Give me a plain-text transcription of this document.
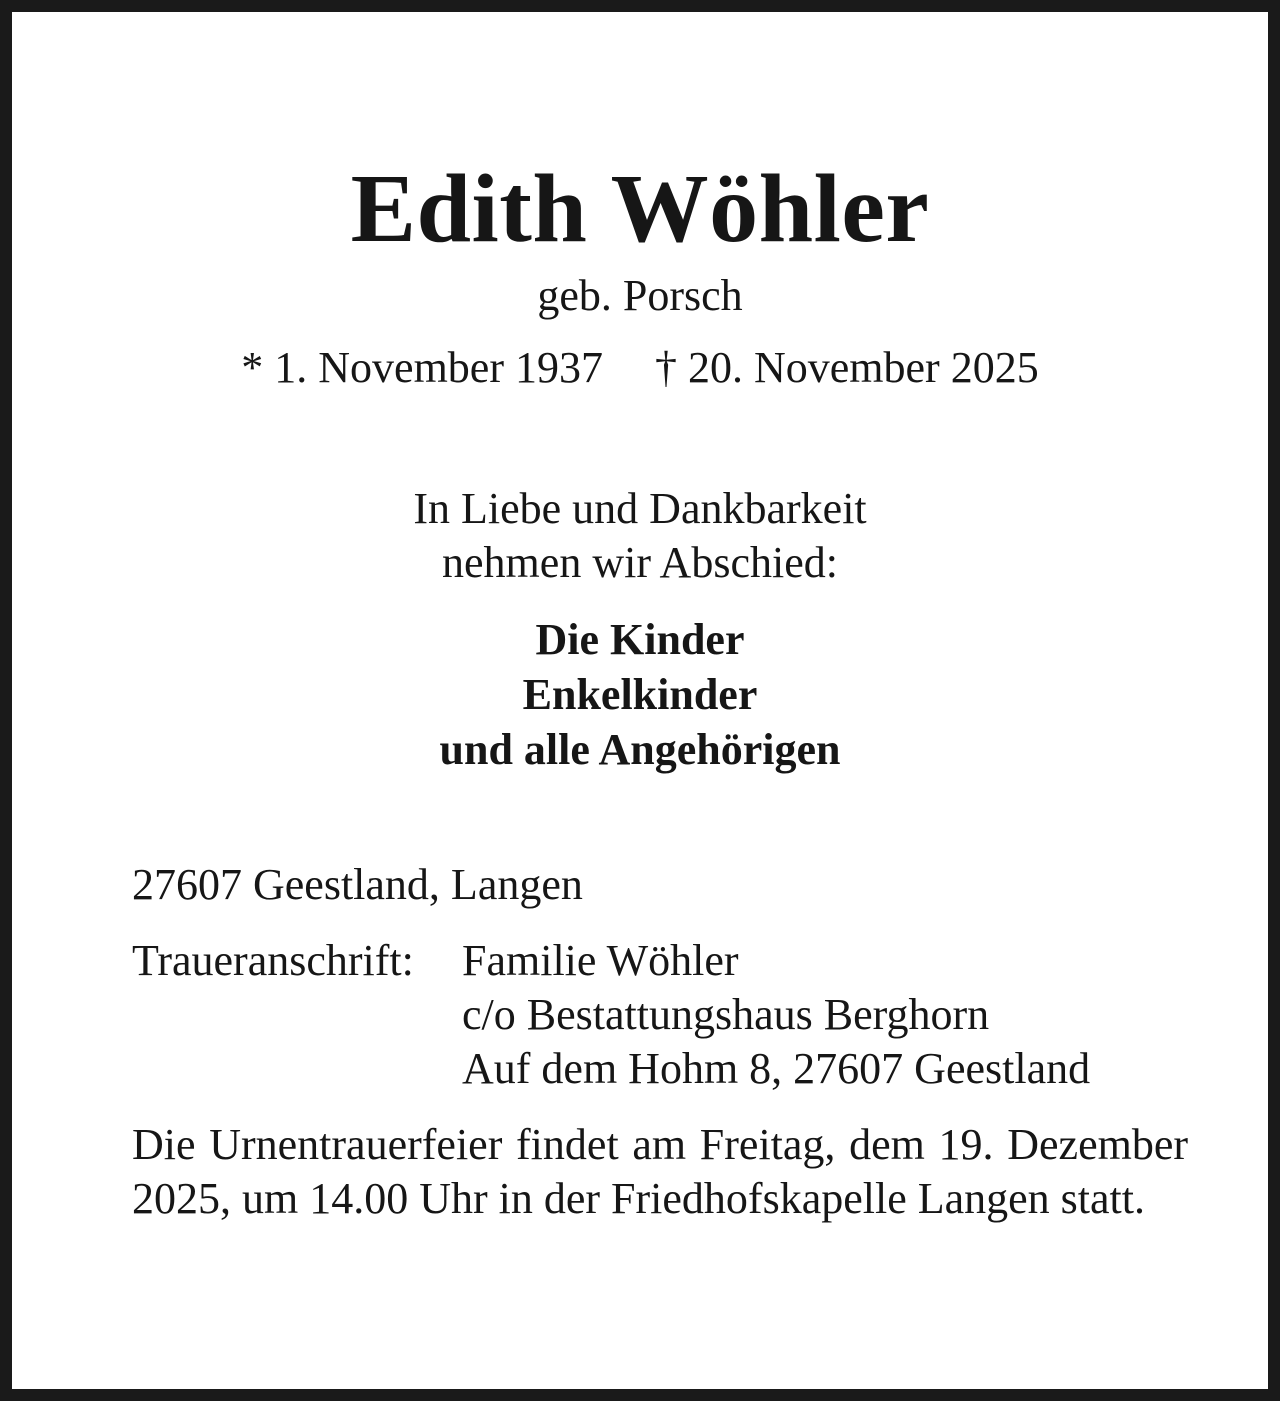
Edith Wöhler
geb. Porsch
* 1. November 1937 † 20. November 2025
In Liebe und Dankbarkeit
nehmen wir Abschied:
Die Kinder
Enkelkinder
und alle Angehörigen
27607 Geestland, Langen
Traueranschrift:	Familie Wöhler
c/o Bestattungshaus Berghorn
Auf dem Hohm 8, 27607 Geestland
Die Urnentrauerfeier findet am Freitag, dem 19. Dezember 2025, um 14.00 Uhr in der Friedhofskapelle Langen statt.
